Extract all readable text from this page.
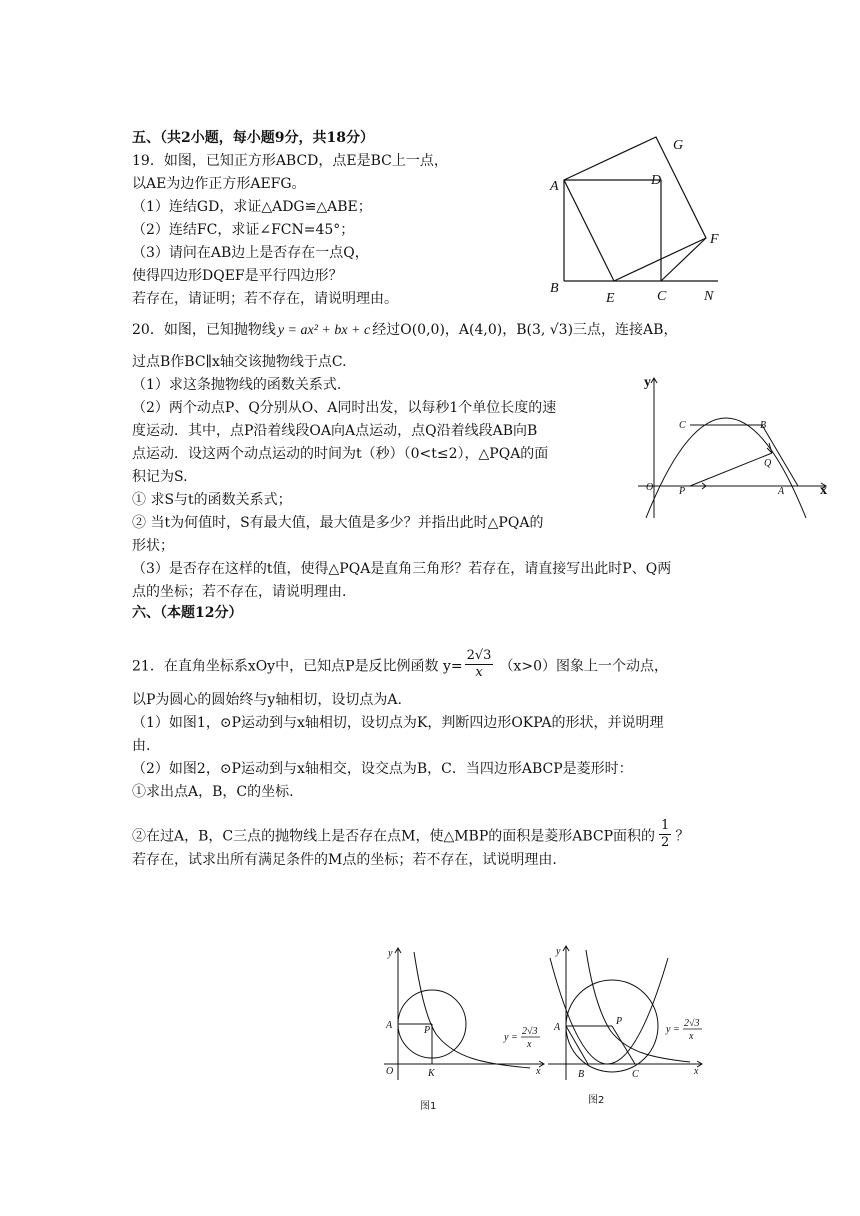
五、（共2小题，每小题9分，共18分）
19．如图，已知正方形ABCD，点E是BC上一点，
以AE为边作正方形AEFG。
（1）连结GD，求证△ADG≌△ABE；
（2）连结FC，求证∠FCN=45°；
（3）请问在AB边上是否存在一点Q，
使得四边形DQEF是平行四边形？
若存在，请证明；若不存在，请说明理由。
A
B
C
D
E
F
G
N
20．如图，已知抛物线 y = ax² + bx + c 经过O(0,0)，A(4,0)，B(3, √3)三点，连接AB，
过点B作BC∥x轴交该抛物线于点C.
（1）求这条抛物线的函数关系式.
（2）两个动点P、Q分别从O、A同时出发，以每秒1个单位长度的速
度运动．其中，点P沿着线段OA向A点运动，点Q沿着线段AB向B
点运动．设这两个动点运动的时间为t（秒）（0<t≤2），△PQA的面
积记为S.
① 求S与t的函数关系式；
② 当t为何值时，S有最大值，最大值是多少？并指出此时△PQA的
形状；
（3）是否存在这样的t值，使得△PQA是直角三角形？若存在，请直接写出此时P、Q两
点的坐标；若不存在，请说明理由.
y
C	B
Q
O	P	A	x
六、（本题12分）
21．在直角坐标系xOy中，已知点P是反比例函数 $y= \frac{2√3}{x} (x>0)$图象上一个动点，
以P为圆心的圆始终与y轴相切，设切点为A.
（1）如图1，⊙P运动到与x轴相切，设切点为K，判断四边形OKPA的形状，并说明理
由.
（2）如图2，⊙P运动到与x轴相交，设交点为B，C．当四边形ABCP是菱形时：
①求出点A，B，C的坐标.
②在过A，B，C三点的抛物线上是否存在点M，使△MBP的面积是菱形ABCP面积的 $\frac{1}{2}$ ？
若存在，试求出所有满足条件的M点的坐标；若不存在，试说明理由.
y
A	P
O	K	x
y =
2√3
x
图1
y
A
P
B	C	x
y =
2√3
x
图2
